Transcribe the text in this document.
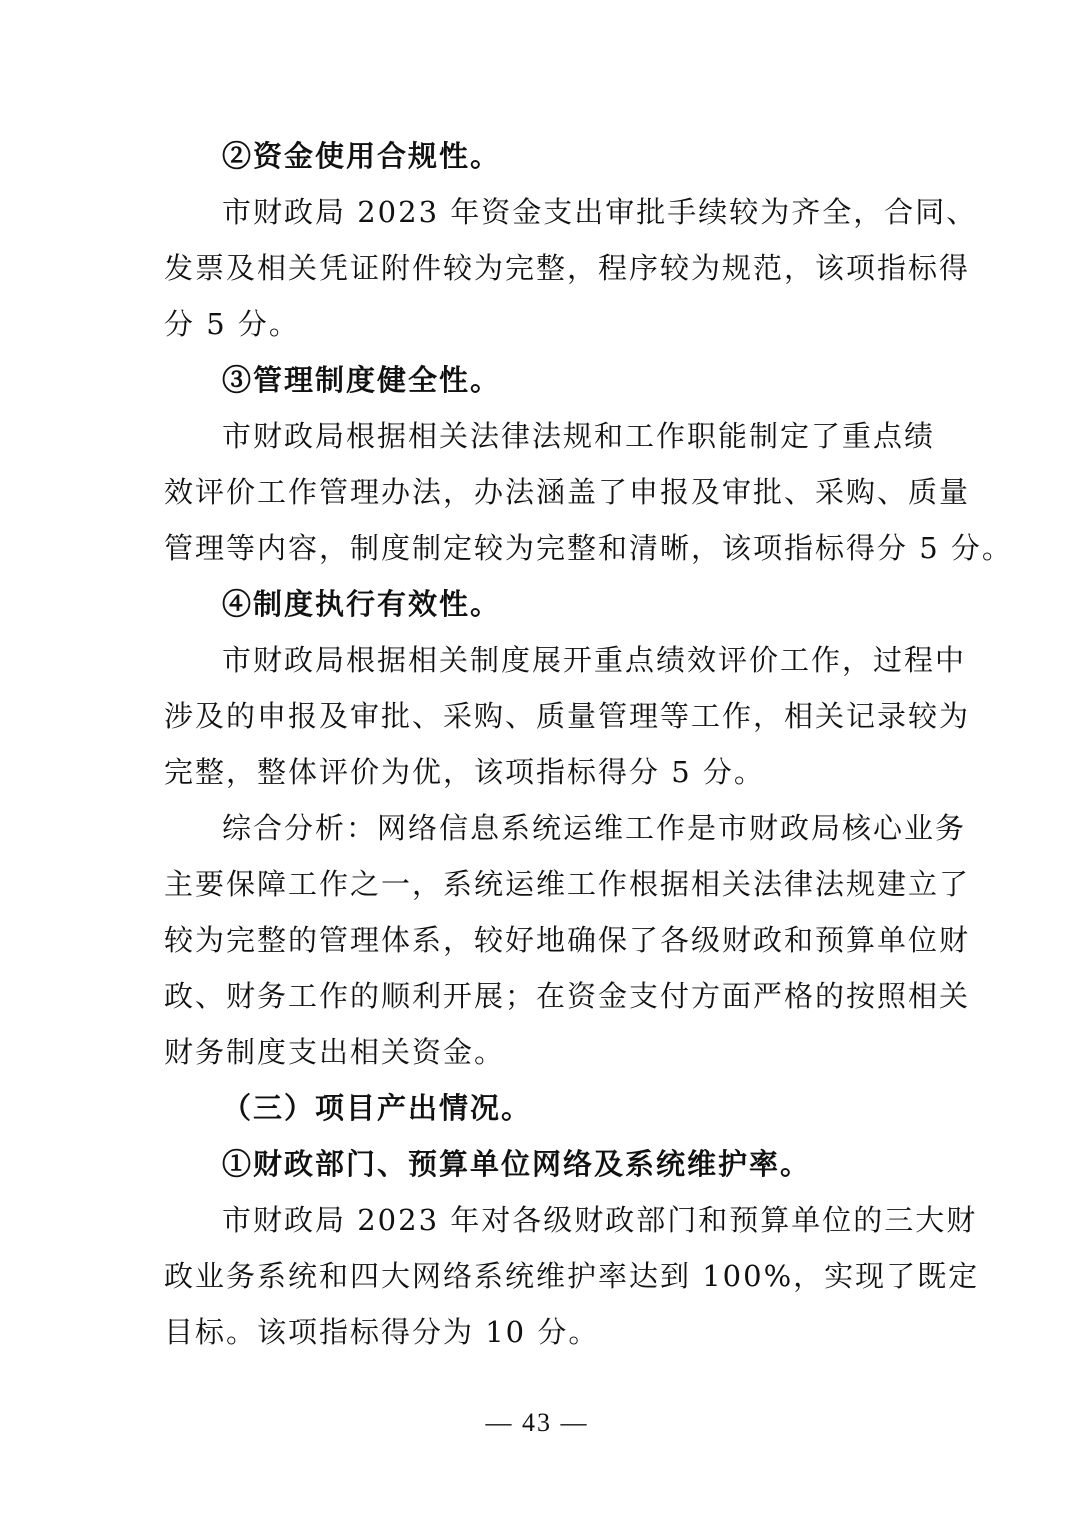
②资金使用合规性。
市财政局 2023 年资金支出审批手续较为齐全，合同、
发票及相关凭证附件较为完整，程序较为规范，该项指标得
分 5 分。
③管理制度健全性。
市财政局根据相关法律法规和工作职能制定了重点绩
效评价工作管理办法，办法涵盖了申报及审批、采购、质量
管理等内容，制度制定较为完整和清晰，该项指标得分 5 分。
④制度执行有效性。
市财政局根据相关制度展开重点绩效评价工作，过程中
涉及的申报及审批、采购、质量管理等工作，相关记录较为
完整，整体评价为优，该项指标得分 5 分。
综合分析：网络信息系统运维工作是市财政局核心业务
主要保障工作之一，系统运维工作根据相关法律法规建立了
较为完整的管理体系，较好地确保了各级财政和预算单位财
政、财务工作的顺利开展；在资金支付方面严格的按照相关
财务制度支出相关资金。
（三）项目产出情况。
①财政部门、预算单位网络及系统维护率。
市财政局 2023 年对各级财政部门和预算单位的三大财
政业务系统和四大网络系统维护率达到 100%，实现了既定
目标。该项指标得分为 10 分。
— 43 —
